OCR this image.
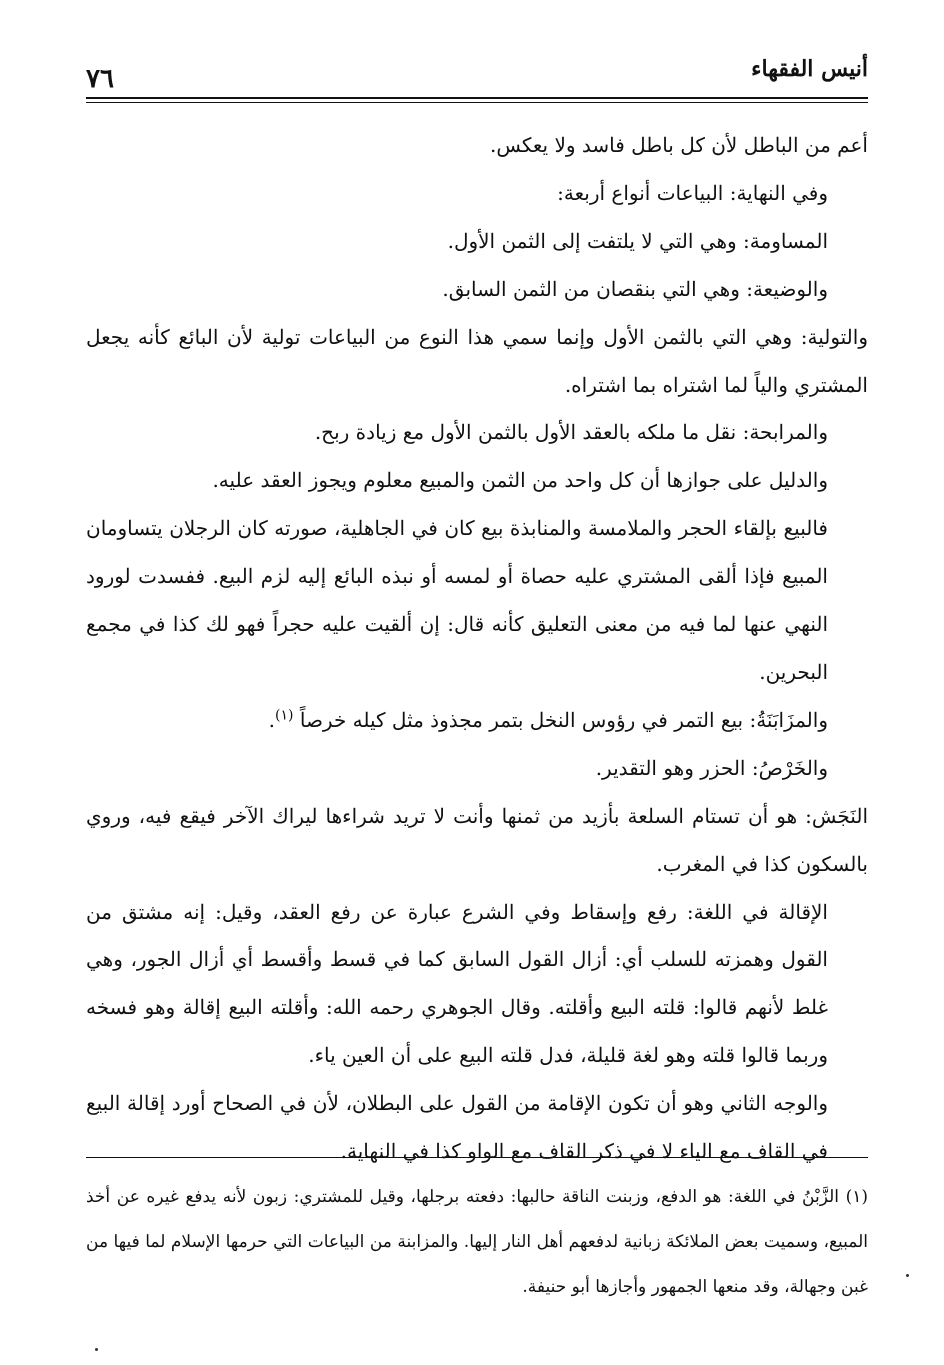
أنيس الفقهاء
٧٦

أعم من الباطل لأن كل باطل فاسد ولا يعكس.

وفي النهاية: البياعات أنواع أربعة:

المساومة: وهي التي لا يلتفت إلى الثمن الأول.

والوضيعة: وهي التي بنقصان من الثمن السابق.

والتولية: وهي التي بالثمن الأول وإنما سمي هذا النوع من البياعات تولية لأن البائع كأنه يجعل المشتري والياً لما اشتراه بما اشتراه.

والمرابحة: نقل ما ملكه بالعقد الأول بالثمن الأول مع زيادة ربح.

والدليل على جوازها أن كل واحد من الثمن والمبيع معلوم ويجوز العقد عليه.

فالبيع بإلقاء الحجر والملامسة والمنابذة بيع كان في الجاهلية، صورته كان الرجلان يتساومان المبيع فإذا ألقى المشتري عليه حصاة أو لمسه أو نبذه البائع إليه لزم البيع. ففسدت لورود النهي عنها لما فيه من معنى التعليق كأنه قال: إن ألقيت عليه حجراً فهو لك كذا في مجمع البحرين.

والمزَابَنَةُ: بيع التمر في رؤوس النخل بتمر مجذوذ مثل كيله خرصاً $^{(١)}$.

والخَرْصُ: الحزر وهو التقدير.

النَجَش: هو أن تستام السلعة بأزيد من ثمنها وأنت لا تريد شراءها ليراك الآخر فيقع فيه، وروي بالسكون كذا في المغرب.

الإقالة في اللغة: رفع وإسقاط وفي الشرع عبارة عن رفع العقد، وقيل: إنه مشتق من القول وهمزته للسلب أي: أزال القول السابق كما في قسط وأقسط أي أزال الجور، وهي غلط لأنهم قالوا: قلته البيع وأقلته. وقال الجوهري رحمه الله: وأقلته البيع إقالة وهو فسخه وربما قالوا قلته وهو لغة قليلة، فدل قلته البيع على أن العين ياء.

والوجه الثاني وهو أن تكون الإقامة من القول على البطلان، لأن في الصحاح أورد إقالة البيع في القاف مع الياء لا في ذكر القاف مع الواو كذا في النهاية.

(١) الزَّبْنُ في اللغة: هو الدفع، وزبنت الناقة حالبها: دفعته برجلها، وقيل للمشتري: زبون لأنه يدفع غيره عن أخذ المبيع، وسميت بعض الملائكة زبانية لدفعهم أهل النار إليها. والمزابنة من البياعات التي حرمها الإسلام لما فيها من غبن وجهالة، وقد منعها الجمهور وأجازها أبو حنيفة.
